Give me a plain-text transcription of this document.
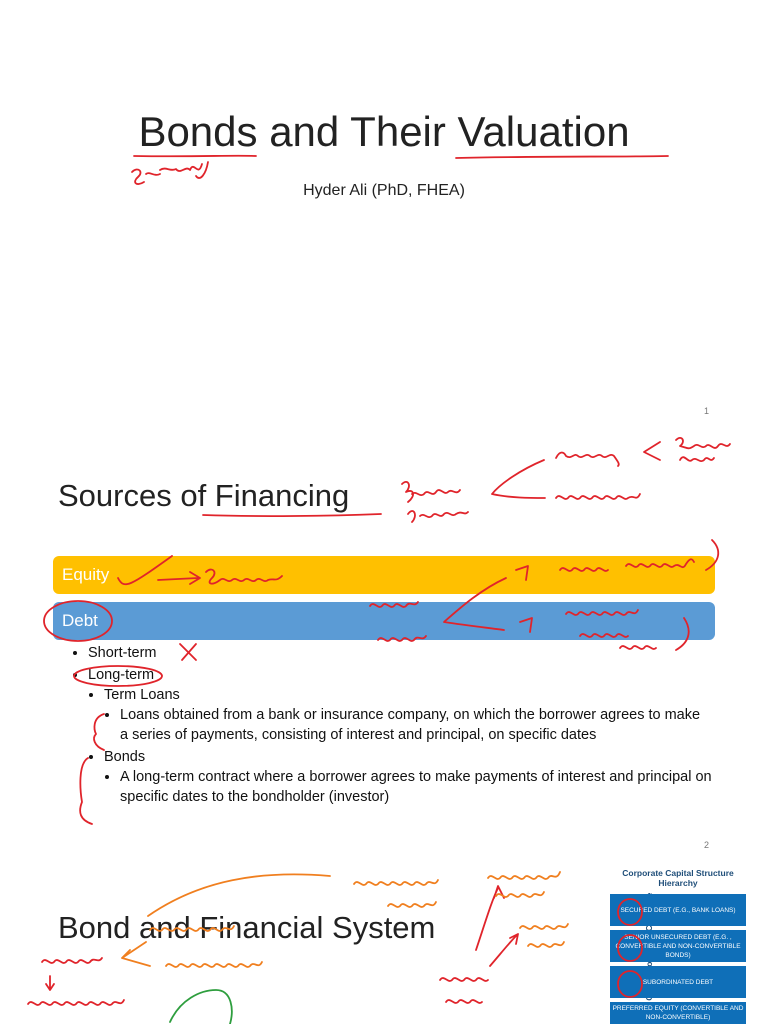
Bonds and Their Valuation
Hyder Ali (PhD, FHEA)
1
Sources of Financing
Equity
Debt
• Short-term
• Long-term
• Term Loans
• Loans obtained from a bank or insurance company, on which the borrower agrees to make a series of payments, consisting of interest and principal, on specific dates
• Bonds
• A long-term contract where a borrower agrees to make payments of interest and principal on specific dates to the bondholder (investor)
2
Bond and Financial System
Corporate Capital Structure Hierarchy
SECURED DEBT (E.G., BANK LOANS)
SENIOR UNSECURED DEBT (E.G. , CONVERTIBLE AND NON-CONVERTIBLE BONDS)
SUBORDINATED DEBT
PREFERRED EQUITY (CONVERTIBLE AND NON-CONVERTIBLE)
